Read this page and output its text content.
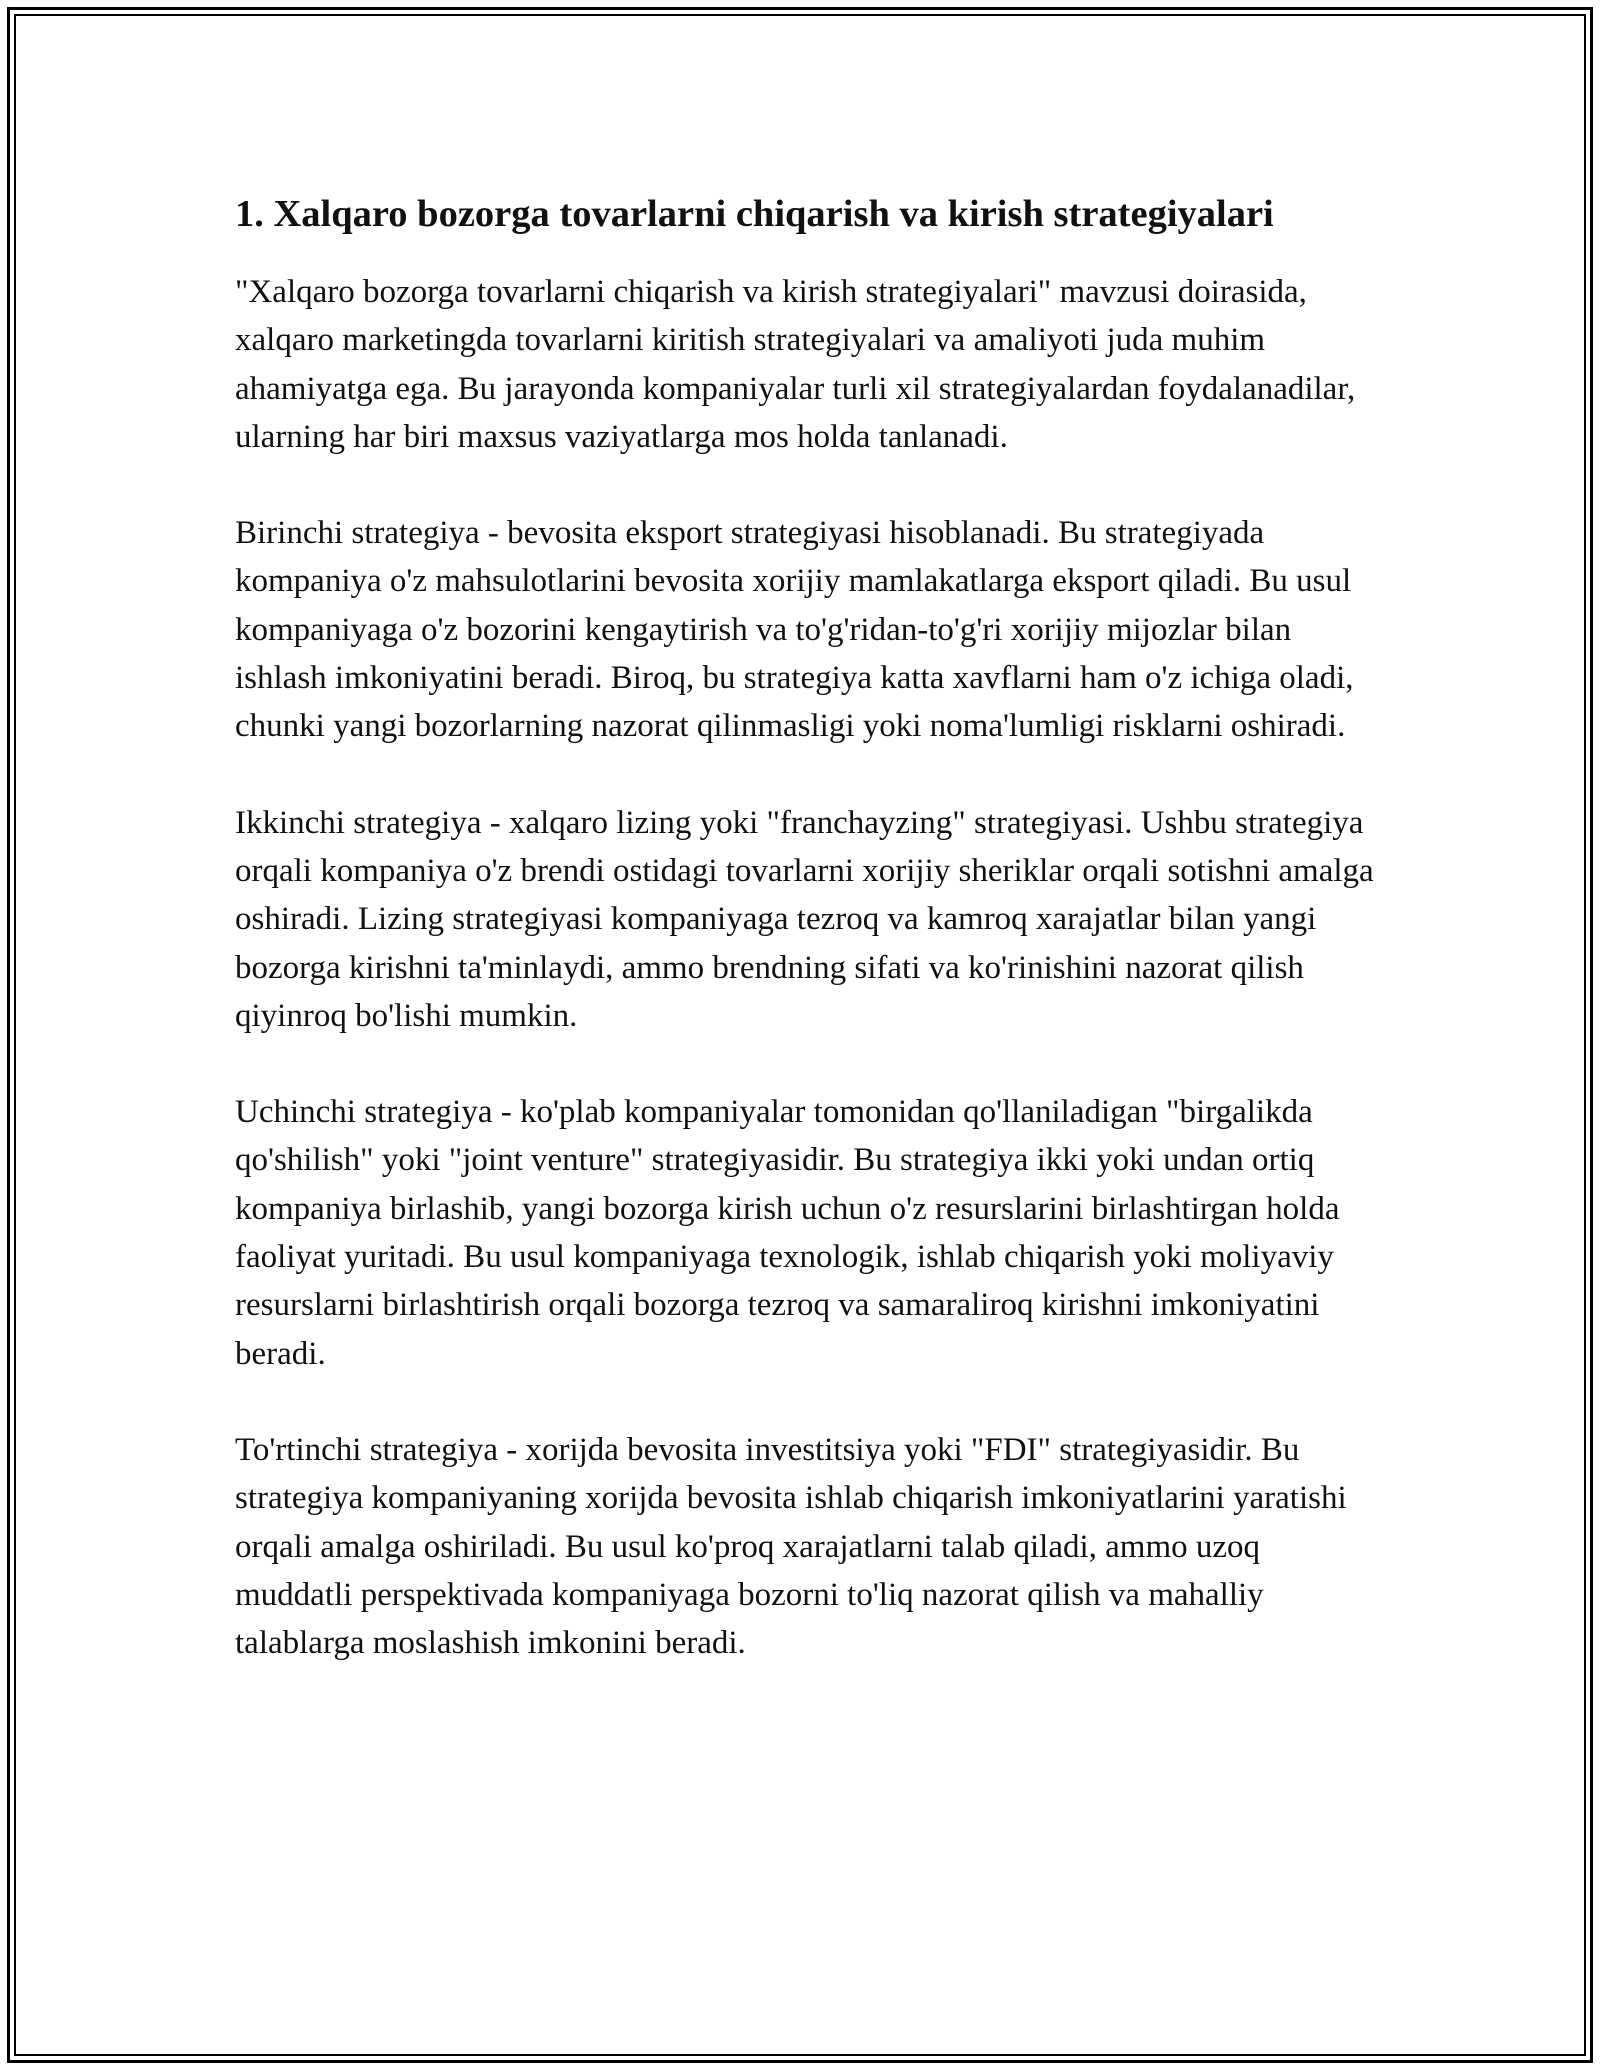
1. Xalqaro bozorga tovarlarni chiqarish va kirish strategiyalari

"Xalqaro bozorga tovarlarni chiqarish va kirish strategiyalari" mavzusi doirasida, xalqaro marketingda tovarlarni kiritish strategiyalari va amaliyoti juda muhim ahamiyatga ega. Bu jarayonda kompaniyalar turli xil strategiyalardan foydalanadilar, ularning har biri maxsus vaziyatlarga mos holda tanlanadi.

Birinchi strategiya - bevosita eksport strategiyasi hisoblanadi. Bu strategiyada kompaniya o'z mahsulotlarini bevosita xorijiy mamlakatlarga eksport qiladi. Bu usul kompaniyaga o'z bozorini kengaytirish va to'g'ridan-to'g'ri xorijiy mijozlar bilan ishlash imkoniyatini beradi. Biroq, bu strategiya katta xavflarni ham o'z ichiga oladi, chunki yangi bozorlarning nazorat qilinmasligi yoki noma'lumligi risklarni oshiradi.

Ikkinchi strategiya - xalqaro lizing yoki "franchayzing" strategiyasi. Ushbu strategiya orqali kompaniya o'z brendi ostidagi tovarlarni xorijiy sheriklar orqali sotishni amalga oshiradi. Lizing strategiyasi kompaniyaga tezroq va kamroq xarajatlar bilan yangi bozorga kirishni ta'minlaydi, ammo brendning sifati va ko'rinishini nazorat qilish qiyinroq bo'lishi mumkin.

Uchinchi strategiya - ko'plab kompaniyalar tomonidan qo'llaniladigan "birgalikda qo'shilish" yoki "joint venture" strategiyasidir. Bu strategiya ikki yoki undan ortiq kompaniya birlashib, yangi bozorga kirish uchun o'z resurslarini birlashtirgan holda faoliyat yuritadi. Bu usul kompaniyaga texnologik, ishlab chiqarish yoki moliyaviy resurslarni birlashtirish orqali bozorga tezroq va samaraliroq kirishni imkoniyatini beradi.

To'rtinchi strategiya - xorijda bevosita investitsiya yoki "FDI" strategiyasidir. Bu strategiya kompaniyaning xorijda bevosita ishlab chiqarish imkoniyatlarini yaratishi orqali amalga oshiriladi. Bu usul ko'proq xarajatlarni talab qiladi, ammo uzoq muddatli perspektivada kompaniyaga bozorni to'liq nazorat qilish va mahalliy talablarga moslashish imkonini beradi.
